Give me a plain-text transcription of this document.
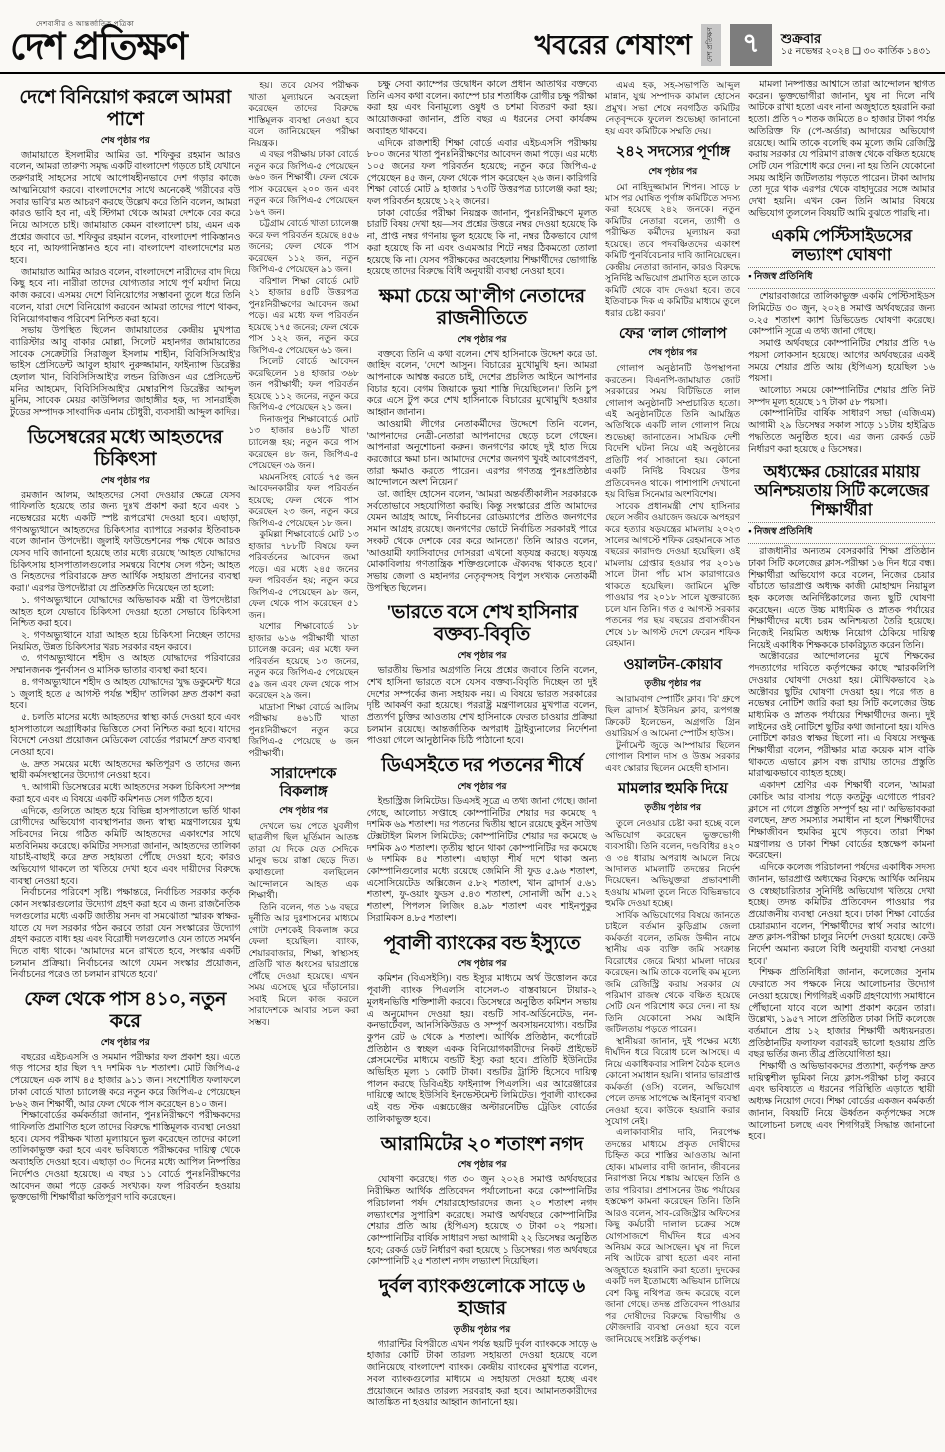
দেশবাসীর ও আন্তর্জাতিক পত্রিকা
দেশ প্রতিক্ষণ	খবরের শেষাংশ	দেশ প্রতিক্ষণ	৭	শুক্রবার
১৫ নভেম্বর ২০২৪ ❑ ৩০ কার্তিক ১৪৩১
দেশে বিনিয়োগ করলে আমরা পাশে
শেষ পৃষ্ঠার পর

জামায়াতে ইসলামীর আমির ডা. শফিকুর রহমান আরও বলেন, আমরা তারুণ্য সমৃদ্ধ একটি বাংলাদেশ গড়তে চাই যেখানে তরুণরাই সাহসের সাথে আপোষহীনভাবে দেশ গড়ার কাজে আত্মনিয়োগ করবে। বাংলাদেশের সাথে অনেকেই 'গরীবের বউ সবার ভাবি'র মত আচরণ করছে উল্লেখ করে তিনি বলেন, আমরা কারও ভাবি হব না, এই স্টিগমা থেকে আমরা দেশকে বের করে নিয়ে আসতে চাই। জামায়াত কেমন বাংলাদেশ চায়, এমন এক প্রশ্নের জবাবে ডা. শফিকুর রহমান বলেন, বাংলাদেশ পাকিস্তানও হবে না, আফগানিস্তানও হবে না। বাংলাদেশ বাংলাদেশের মত হবে।

জামায়াত আমির আরও বলেন, বাংলাদেশে নারীদের বাদ দিয়ে কিছু হবে না। নারীরা তাদের যোগ্যতার সাথে পূর্ণ মর্যাদা নিয়ে কাজ করবে। এসময় দেশে বিনিয়োগের সম্ভাবনা তুলে ধরে তিনি বলেন, যারা দেশে বিনিয়োগ করবেন আমরা তাদের পাশে থাকব, বিনিয়োগবান্ধব পরিবেশ নিশ্চিত করা হবে।

সভায় উপস্থিত ছিলেন জামায়াতের কেন্দ্রীয় মুখপাত্র ব্যারিস্টার আবু বাকার মোল্লা, সিলেট মহানগর জামায়াতের সাবেক সেক্রেটারি সিরাজুল ইসলাম শাহীন, বিবিসিসিআই'র ভাইস প্রেসিডেন্ট আবুল হায়াৎ নুরুজ্জামান, ফাইন্যান্স ডিরেক্টর হেলাল খান, বিবিসিসিআই'র লন্ডন রিজিওন এর প্রেসিডেন্ট মনির আহমেদ, বিবিসিসিআই'র মেম্বারশিপ ডিরেক্টর আব্দুল মুনিম, সাবেক মেয়র কাউন্সিলর জাহাঙ্গীর হক, দ্য সানরাইজ টুডের সম্পাদক সাংবাদিক এনাম চৌধুরী, ব্যবসায়ী আব্দুল কাদির।

ডিসেম্বরের মধ্যে আহতদের চিকিৎসা
শেষ পৃষ্ঠার পর

রমজান আলম, আহতদের সেবা দেওয়ার ক্ষেত্রে যেসব গাফিলতি হয়েছে তার জন্য দুঃখ প্রকাশ করা হবে এবং ১ নভেম্বরের মধ্যে একটি স্পষ্ট রূপরেখা দেওয়া হবে। এছাড়া, গণঅভ্যুত্থানে আহতদের চিকিৎসার ব্যাপারে সরকার ইতিবাচক বলে জানান উপদেষ্টা। জুলাই ফাউন্ডেশনের পক্ষ থেকে আরও যেসব দাবি জানানো হয়েছে তার মধ্যে রয়েছে 'আহত যোদ্ধাদের চিকিৎসায় হাসপাতালগুলোর সমন্বয়ে বিশেষ সেল গঠন; আহত ও নিহতদের পরিবারকে দ্রুত আর্থিক সহায়তা প্রদানের ব্যবস্থা করা।' এরপর উপদেষ্টারা যে প্রতিশ্রুতি দিয়েছেন তা হলো:

১. গণঅভ্যুত্থানে যোদ্ধাদের অভিভাবক মন্ত্রী বা উপদেষ্টারা আহত হলে যেভাবে চিকিৎসা দেওয়া হতো সেভাবে চিকিৎসা নিশ্চিত করা হবে।

২. গণঅভ্যুত্থানে যারা আহত হয়ে চিকিৎসা নিচ্ছেন তাদের নিয়মিত, উন্নত চিকিৎসার খরচ সরকার বহন করবে।

৩. গণঅভ্যুত্থানে শহীদ ও আহত যোদ্ধাদের পরিবারের সম্মানজনক পুনর্বাসন ও মাসিক ভাতার ব্যবস্থা করা হবে।

৪. গণঅভ্যুত্থানে শহীদ ও আহত যোদ্ধাদের 'যুদ্ধ ডকুমেন্ট' ধরে ১ জুলাই হতে ৫ আগস্ট পর্যন্ত 'শহীদ' তালিকা দ্রুত প্রকাশ করা হবে।

৫. চলতি মাসের মধ্যে আহতদের স্বাস্থ্য কার্ড দেওয়া হবে এবং হাসপাতালে অগ্রাধিকার ভিত্তিতে সেবা নিশ্চিত করা হবে। যাদের বিদেশে নেওয়া প্রয়োজন মেডিকেল বোর্ডের পরামর্শে দ্রুত ব্যবস্থা নেওয়া হবে।

৬. দ্রুত সময়ের মধ্যে আহতদের ক্ষতিপূরণ ও তাদের জন্য স্থায়ী কর্মসংস্থানের উদ্যোগ নেওয়া হবে।

৭. আগামী ডিসেম্বরের মধ্যে আহতদের সকল চিকিৎসা সম্পন্ন করা হবে এবং এ বিষয়ে একটি কমিশনড সেল গঠিত হবে।

এদিকে, গুলিতে আহত হয়ে বিভিন্ন হাসপাতালে ভর্তি থাকা রোগীদের অভিযোগ ব্যবস্থাপনার জন্য স্বাস্থ্য মন্ত্রণালয়ের যুগ্ম সচিবদের নিয়ে গঠিত কমিটি আহতদের একাংশের সাথে মতবিনিময় করেছে। কমিটির সদস্যরা জানান, আহতদের তালিকা যাচাই-বাছাই করে দ্রুত সহায়তা পৌঁছে দেওয়া হবে; কারও অভিযোগ থাকলে তা খতিয়ে দেখা হবে এবং দায়ীদের বিরুদ্ধে ব্যবস্থা নেওয়া হবে।

নির্বাচনের পরিবেশ সৃষ্টি। পক্ষান্তরে, নির্বাচিত সরকার কর্তৃক কোন সংস্কারগুলোর উদ্যোগ গ্রহণ করা হবে এ জন্য রাজনৈতিক দলগুলোর মধ্যে একটি জাতীয় সনদ বা সমঝোতা স্মারক স্বাক্ষর-যাতে যে দল সরকার গঠন করবে তারা যেন সংস্কারের উদ্যোগ গ্রহণ করতে বাধ্য হয় এবং বিরোধী দলগুলোও যেন তাতে সমর্থন দিতে বাধ্য থাকে। 'আমাদের মনে রাখতে হবে, সংস্কার একটি চলমান প্রক্রিয়া। নির্বাচনের আগে যেমন সংস্কার প্রয়োজন, নির্বাচনের পরেও তা চলমান রাখতে হবে।'

ফেল থেকে পাস ৪১০, নতুন করে
শেষ পৃষ্ঠার পর

বছরের এইচএসসি ও সমমান পরীক্ষার ফল প্রকাশ হয়। এতে গড় পাসের হার ছিল ৭৭ দশমিক ৭৮ শতাংশ। মোট জিপিএ-৫ পেয়েছেন এক লাখ ৪৫ হাজার ৯১১ জন। সংশোধিত ফলাফলে ঢাকা বোর্ডে খাতা চ্যালেঞ্জ করে নতুন করে জিপিএ-৫ পেয়েছেন ৮৬২ জন শিক্ষার্থী, আর ফেল থেকে পাস করেছেন ৪১০ জন।

শিক্ষাবোর্ডের কর্মকর্তারা জানান, পুনঃনিরীক্ষণে পরীক্ষকদের গাফিলতি প্রমাণিত হলে তাদের বিরুদ্ধে শাস্তিমূলক ব্যবস্থা নেওয়া হবে। যেসব পরীক্ষক খাতা মূল্যায়নে ভুল করেছেন তাদের কালো তালিকাভুক্ত করা হবে এবং ভবিষ্যতে পরীক্ষকের দায়িত্ব থেকে অব্যাহতি দেওয়া হবে। এছাড়া ৩০ দিনের মধ্যে আপিল নিষ্পত্তির নির্দেশও দেওয়া হয়েছে। এ বছর ১১ বোর্ডে পুনঃনিরীক্ষণের আবেদন জমা পড়ে রেকর্ড সংখ্যক। ফল পরিবর্তন হওয়ায় ভুক্তভোগী শিক্ষার্থীরা ক্ষতিপূরণ দাবি করেছেন।

হয়। তবে যেসব পরীক্ষক খাতা মূল্যায়নে অবহেলা করেছেন তাদের বিরুদ্ধে শাস্তিমূলক ব্যবস্থা নেওয়া হবে বলে জানিয়েছেন পরীক্ষা নিয়ন্ত্রক।

এ বছর পরীক্ষায় ঢাকা বোর্ডে নতুন করে জিপিএ-৫ পেয়েছেন ৬৬০ জন শিক্ষার্থী। ফেল থেকে পাস করেছেন ২০০ জন এবং নতুন করে জিপিএ-৫ পেয়েছেন ১৬৭ জন।

চট্টগ্রাম বোর্ডে খাতা চ্যালেঞ্জ করে ফল পরিবর্তন হয়েছে ৪৫৬ জনের; ফেল থেকে পাস করেছেন ১১২ জন, নতুন জিপিএ-৫ পেয়েছেন ৯১ জন।

বরিশাল শিক্ষা বোর্ডে মোট ২১ হাজার ৪৫টি উত্তরপত্র পুনঃনিরীক্ষণের আবেদন জমা পড়ে। এর মধ্যে ফল পরিবর্তন হয়েছে ১৭৫ জনের; ফেল থেকে পাস ১২২ জন, নতুন করে জিপিএ-৫ পেয়েছেন ৬১ জন।

সিলেট বোর্ডে আবেদন করেছিলেন ১৪ হাজার ৩৬৮ জন পরীক্ষার্থী; ফল পরিবর্তন হয়েছে ১১২ জনের, নতুন করে জিপিএ-৫ পেয়েছেন ২১ জন।

দিনাজপুর শিক্ষাবোর্ডে মোট ১৩ হাজার ৪৬১টি খাতা চ্যালেঞ্জ হয়; নতুন করে পাস করেছেন ৪৮ জন, জিপিএ-৫ পেয়েছেন ৩৯ জন।

ময়মনসিংহ বোর্ডে ৭৫ জন আবেদনকারীর ফল পরিবর্তন হয়েছে; ফেল থেকে পাস করেছেন ২৩ জন, নতুন করে জিপিএ-৫ পেয়েছেন ১৮ জন।

কুমিল্লা শিক্ষাবোর্ডে মোট ১৩ হাজার ৭৮৮টি বিষয়ে ফল পরিবর্তনের আবেদন জমা পড়ে। এর মধ্যে ২৪৫ জনের ফল পরিবর্তন হয়; নতুন করে জিপিএ-৫ পেয়েছেন ৯৮ জন, ফেল থেকে পাস করেছেন ৫১ জন।

যশোর শিক্ষাবোর্ডে ১৮ হাজার ৬১৬ পরীক্ষার্থী খাতা চ্যালেঞ্জ করেন; এর মধ্যে ফল পরিবর্তন হয়েছে ১৩ জনের, নতুন করে জিপিএ-৫ পেয়েছেন ৫৯ জন এবং ফেল থেকে পাস করেছেন ২৯ জন।

মাদ্রাসা শিক্ষা বোর্ডে আলিম পরীক্ষায় ৪৬১টি খাতা পুনঃনিরীক্ষণে নতুন করে জিপিএ-৫ পেয়েছে ৬ জন পরীক্ষার্থী।

সারাদেশকে বিকলাঙ্গ
শেষ পৃষ্ঠার পর

দেখলে ভয় পেতে যুবলীগ ছাত্রলীগ ছিল মূর্তিমান আতঙ্ক তারা যে দিকে যেত সেদিকে মানুষ ভয়ে রাস্তা ছেড়ে দিত। কথাগুলো বলছিলেন আন্দোলনে আহত এক শিক্ষার্থী।

তিনি বলেন, গত ১৬ বছরে দুর্নীতি আর দুঃশাসনের মাধ্যমে গোটা দেশকেই বিকলাঙ্গ করে ফেলা হয়েছিল। ব্যাংক, শেয়ারবাজার, শিক্ষা, স্বাস্থ্যসহ প্রতিটি খাত ধ্বংসের দ্বারপ্রান্তে পৌঁছে দেওয়া হয়েছে। এখন সময় এসেছে ঘুরে দাঁড়ানোর। সবাই মিলে কাজ করলে সারাদেশকে আবার সচল করা সম্ভব।

চক্ষু সেবা ক্যাম্পের উদ্বোধন কালে প্রধান অতিথির বক্তব্যে তিনি এসব কথা বলেন। ক্যাম্পে চার শতাধিক রোগীর চক্ষু পরীক্ষা করা হয় এবং বিনামূল্যে ওষুধ ও চশমা বিতরণ করা হয়। আয়োজকরা জানান, প্রতি বছর এ ধরনের সেবা কার্যক্রম অব্যাহত থাকবে।

এদিকে রাজশাহী শিক্ষা বোর্ডে এবার এইচএসসি পরীক্ষায় ৮০০ জনের খাতা পুনঃনিরীক্ষণের আবেদন জমা পড়ে। এর মধ্যে ১০৫ জনের ফল পরিবর্তন হয়েছে; নতুন করে জিপিএ-৫ পেয়েছেন ৪৫ জন, ফেল থেকে পাস করেছেন ২৬ জন। কারিগরি শিক্ষা বোর্ডে মোট ৯ হাজার ১৭৩টি উত্তরপত্র চ্যালেঞ্জ করা হয়; ফল পরিবর্তন হয়েছে ১২২ জনের।

ঢাকা বোর্ডের পরীক্ষা নিয়ন্ত্রক জানান, পুনঃনিরীক্ষণে মূলত চারটি বিষয় দেখা হয়—সব প্রশ্নের উত্তরে নম্বর দেওয়া হয়েছে কি না, প্রাপ্ত নম্বর গণনায় ভুল হয়েছে কি না, নম্বর ঠিকভাবে যোগ করা হয়েছে কি না এবং ওএমআর শিটে নম্বর ঠিকমতো তোলা হয়েছে কি না। যেসব পরীক্ষকের অবহেলায় শিক্ষার্থীদের ভোগান্তি হয়েছে তাদের বিরুদ্ধে বিধি অনুযায়ী ব্যবস্থা নেওয়া হবে।

ক্ষমা চেয়ে আ'লীগ নেতাদের রাজনীতিতে
শেষ পৃষ্ঠার পর

বক্তব্যে তিনি এ কথা বলেন। শেখ হাসিনাকে উদ্দেশ করে ডা. জাহিদ বলেন, 'দেশে আসুন। বিচারের মুখোমুখি হন। আমরা আপনাকে আশ্বস্ত করতে চাই, দেশের প্রচলিত আইনে আপনার বিচার হবে। বেগম জিয়াকে ভুয়া শাস্তি দিয়েছিলেন।' তিনি চুপ করে এসে টুপ করে শেখ হাসিনাকে বিচারের মুখোমুখি হওয়ার আহ্বান জানান।

আওয়ামী লীগের নেতাকর্মীদের উদ্দেশে তিনি বলেন, 'আপনাদের নেত্রী-নেতারা আপনাদের ছেড়ে চলে গেছেন। আপনারা অনুশোচনা করুন। জনগণের কাছে দুই হাত দিয়ে করজোরে ক্ষমা চান। আমাদের দেশের জনগণ খুবই আবেগপ্রবণ, তারা ক্ষমাও করতে পারেন। এরপর গণতন্ত্র পুনঃপ্রতিষ্ঠার আন্দোলনে অংশ নিয়েন।'

ডা. জাহিদ হোসেন বলেন, 'আমরা অন্তর্বর্তীকালীন সরকারকে সর্বতোভাবে সহযোগিতা করছি। কিন্তু সংস্কারের প্রতি আমাদের যেমন আগ্রহ আছে, নির্বাচনের রোডম্যাপের প্রতিও জনগণের সমান আগ্রহ রয়েছে। জনগণের ভোটে নির্বাচিত সরকারই পারে সংকট থেকে দেশকে বের করে আনতে।' তিনি আরও বলেন, 'আওয়ামী ফ্যাসিবাদের দোসররা এখনো ষড়যন্ত্র করছে। ষড়যন্ত্র মোকাবিলায় গণতান্ত্রিক শক্তিগুলোকে ঐক্যবদ্ধ থাকতে হবে।' সভায় জেলা ও মহানগর নেতৃবৃন্দসহ বিপুল সংখ্যক নেতাকর্মী উপস্থিত ছিলেন।

'ভারতে বসে শেখ হাসিনার বক্তব্য-বিবৃতি
শেষ পৃষ্ঠার পর

ভারতীয় ভিসার অগ্রগতি নিয়ে প্রশ্নের জবাবে তিনি বলেন, শেখ হাসিনা ভারতে বসে যেসব বক্তব্য-বিবৃতি দিচ্ছেন তা দুই দেশের সম্পর্কের জন্য সহায়ক নয়। এ বিষয়ে ভারত সরকারের দৃষ্টি আকর্ষণ করা হয়েছে। পররাষ্ট্র মন্ত্রণালয়ের মুখপাত্র বলেন, প্রত্যর্পণ চুক্তির আওতায় শেখ হাসিনাকে ফেরত চাওয়ার প্রক্রিয়া চলমান রয়েছে। আন্তর্জাতিক অপরাধ ট্রাইব্যুনালের নির্দেশনা পাওয়া গেলে আনুষ্ঠানিক চিঠি পাঠানো হবে।

ডিএসইতে দর পতনের শীর্ষে
শেষ পৃষ্ঠার পর

ইন্ডাস্ট্রিজ লিমিটেড। ডিএসই সূত্রে এ তথ্য জানা গেছে। জানা গেছে, আলোচ্য সপ্তাহে কোম্পানিটির শেয়ার দর কমেছে ৭ দশমিক ৬৯ শতাংশ। দর পতনের দ্বিতীয় স্থানে রয়েছে কুইন সাউথ টেক্সটাইল মিলস লিমিটেড; কোম্পানিটির শেয়ার দর কমেছে ৬ দশমিক ৯৩ শতাংশ। তৃতীয় স্থানে থাকা কোম্পানিটির দর কমেছে ৬ দশমিক ৪৫ শতাংশ। এছাড়া শীর্ষ দশে থাকা অন্য কোম্পানিগুলোর মধ্যে রয়েছে জেমিনি সী ফুড ৫.৯৬ শতাংশ, এসোসিয়েটেড অক্সিজেন ৫.৮২ শতাংশ, খান ব্রাদার্স ৫.৬১ শতাংশ, ফু-ওয়াং ফুডস ৫.৪৩ শতাংশ, সোনালী আঁশ ৫.১২ শতাংশ, পিপলস লিজিং ৪.৯৮ শতাংশ এবং শাইনপুকুর সিরামিকস ৪.৮৫ শতাংশ।

পূবালী ব্যাংকের বন্ড ইস্যুতে
শেষ পৃষ্ঠার পর

কমিশন (বিএসইসি)। বন্ড ইস্যুর মাধ্যমে অর্থ উত্তোলন করে পূবালী ব্যাংক পিএলসি বাসেল-৩ বাস্তবায়নে টায়ার-২ মূলধনভিত্তি শক্তিশালী করবে। ডিসেম্বরে অনুষ্ঠিত কমিশন সভায় এ অনুমোদন দেওয়া হয়। বন্ডটি সাব-অর্ডিনেটেড, নন-কনভার্টেবল, আনসিকিউরড ও সম্পূর্ণ অবসায়নযোগ্য। বন্ডটির কুপন রেট ৬ থেকে ৯ শতাংশ। আর্থিক প্রতিষ্ঠান, কর্পোরেট প্রতিষ্ঠান ও স্বচ্ছল একক বিনিয়োগকারীদের নিকট প্রাইভেট প্লেসমেন্টের মাধ্যমে বন্ডটি ইস্যু করা হবে। প্রতিটি ইউনিটের অভিহিত মূল্য ১ কোটি টাকা। বন্ডটির ট্রাস্টি হিসেবে দায়িত্ব পালন করছে ডিবিএইচ ফাইন্যান্স পিএলসি। এর আরেঞ্জারের দায়িত্বে আছে ইউসিবি ইনভেস্টমেন্ট লিমিটেড। পূবালী ব্যাংকের এই বন্ড স্টক এক্সচেঞ্জের অল্টারনেটিভ ট্রেডিং বোর্ডের তালিকাভুক্ত হবে।

আরামিটের ২০ শতাংশ নগদ
শেষ পৃষ্ঠার পর

ঘোষণা করেছে। গত ৩০ জুন ২০২৪ সমাপ্ত অর্থবছরের নিরীক্ষিত আর্থিক প্রতিবেদন পর্যালোচনা করে কোম্পানিটির পরিচালনা পর্ষদ শেয়ারহোল্ডারদের জন্য ২০ শতাংশ নগদ লভ্যাংশের সুপারিশ করেছে। সমাপ্ত অর্থবছরে কোম্পানিটির শেয়ার প্রতি আয় (ইপিএস) হয়েছে ৩ টাকা ০২ পয়সা। কোম্পানিটির বার্ষিক সাধারণ সভা আগামী ২২ ডিসেম্বর অনুষ্ঠিত হবে; রেকর্ড ডেট নির্ধারণ করা হয়েছে ১ ডিসেম্বর। গত অর্থবছরে কোম্পানিটি ২৫ শতাংশ নগদ লভ্যাংশ দিয়েছিল।

দুর্বল ব্যাংকগুলোকে সাড়ে ৬ হাজার
তৃতীয় পৃষ্ঠার পর

গ্যারান্টির বিপরীতে এখন পর্যন্ত ছয়টি দুর্বল ব্যাংককে সাড়ে ৬ হাজার কোটি টাকা তারল্য সহায়তা দেওয়া হয়েছে বলে জানিয়েছে বাংলাদেশ ব্যাংক। কেন্দ্রীয় ব্যাংকের মুখপাত্র বলেন, সবল ব্যাংকগুলোর মাধ্যমে এ সহায়তা দেওয়া হচ্ছে এবং প্রয়োজনে আরও তারল্য সরবরাহ করা হবে। আমানতকারীদের আতঙ্কিত না হওয়ার আহ্বান জানানো হয়।

এমএ হক, সহ-সভাপতি আব্দুল মান্নান, যুগ্ম সম্পাদক কামাল হোসেন প্রমুখ। সভা শেষে নবগঠিত কমিটির নেতৃবৃন্দকে ফুলেল শুভেচ্ছা জানানো হয় এবং কমিটিকে সম্মতি দেয়।

২৪২ সদস্যের পূর্ণাঙ্গ
শেষ পৃষ্ঠার পর

মো নাহিদুজ্জামান শিপন। সাড়ে ৮ মাস পর ঘোষিত পূর্ণাঙ্গ কমিটিতে সদস্য করা হয়েছে ২৪২ জনকে। নতুন কমিটির নেতারা বলেন, ত্যাগী ও পরীক্ষিত কর্মীদের মূল্যায়ন করা হয়েছে। তবে পদবঞ্চিতদের একাংশ কমিটি পুনর্বিবেচনার দাবি জানিয়েছেন। কেন্দ্রীয় নেতারা জানান, কারও বিরুদ্ধে সুনির্দিষ্ট অভিযোগ প্রমাণিত হলে তাকে কমিটি থেকে বাদ দেওয়া হবে। তবে ইতিবাচক দিক এ কমিটির মাধ্যমে তুলে ধরার চেষ্টা করব।'

ফের 'লাল গোলাপ
শেষ পৃষ্ঠার পর

গোলাপ অনুষ্ঠানটি উপস্থাপনা করতেন। বিএনপি-জামায়াত জোট সরকারের সময় বিটিভিতে লাল গোলাপ অনুষ্ঠানটি সম্প্রচারিত হতো। এই অনুষ্ঠানটিতে তিনি আমন্ত্রিত অতিথিকে একটি লাল গোলাপ নিয়ে শুভেচ্ছা জানাতেন। সাময়িক দেশী বিদেশি ঘটনা নিয়ে এই অনুষ্ঠানের প্রতিটি পর্ব সাজানো হয়। কোনো একটি নির্দিষ্ট বিষয়ের উপর প্রতিবেদনও থাকে। পাশাপাশি দেখানো হয় বিভিন্ন সিনেমার অংশবিশেষ।

সাবেক প্রধানমন্ত্রী শেখ হাসিনার ছেলে সজীব ওয়াজেদ জয়কে অপহরণ করে হত্যার ষড়যন্ত্রের মামলায় ২০২৩ সালের আগস্টে শফিক রেহমানকে সাত বছরের কারাদণ্ড দেওয়া হয়েছিল। ওই মামলায় গ্রেপ্তার হওয়ার পর ২০১৬ সালে টানা পাঁচ মাস কারাগারেও থাকতে হয়েছিল। জামিনে মুক্তি পাওয়ার পর ২০১৮ সালে যুক্তরাজ্যে চলে যান তিনি। গত ৫ আগস্ট সরকার পতনের পর ছয় বছরের প্রবাসজীবন শেষে ১৮ আগস্ট দেশে ফেরেন শফিক রেহমান।

ওয়ালটন-কোয়াব
তৃতীয় পৃষ্ঠার পর

আরামবাগ স্পোর্টিং ক্লাব। 'বি' গ্রুপে ছিল ব্রাদার্স ইউনিয়ন ক্লাব, রূপগঞ্জ ক্রিকেট ইলেভেন, অগ্রগতি গ্রিন ওয়ারিয়র্স ও আমেনা স্পোর্টস হাউস।

টুর্নামেন্ট জুড়ে আম্পায়ার ছিলেন গোপাল বিশাল দাস ও উত্তম সরকার এবং স্কোরার ছিলেন মেহেদী হাসান।

মামলার হুমকি দিয়ে
তৃতীয় পৃষ্ঠার পর

তুলে নেওয়ার চেষ্টা করা হচ্ছে বলে অভিযোগ করেছেন ভুক্তভোগী ব্যবসায়ী। তিনি বলেন, দণ্ডবিধির ৪২০ ও ৩৪ ধারায় অপরাধ আমলে নিয়ে আদালত মামলাটি তদন্তের নির্দেশ দিয়েছেন। অভিযুক্তরা প্রভাবশালী হওয়ায় মামলা তুলে নিতে বিভিন্নভাবে হুমকি দেওয়া হচ্ছে।

সার্বিক অভিযোগের বিষয়ে জানতে চাইলে বর্তমান কুড়িগ্রাম জেলা কর্মকর্তা বলেন, তমিজ উদ্দীন নামে স্থানীয় এক ব্যক্তি জমি সংক্রান্ত বিরোধের জেরে মিথ্যা মামলা দায়ের করেছেন। আমি তাকে বলেছি কম মূল্যে জমি রেজিস্ট্রি করায় সরকার যে পরিমাণ রাজস্ব থেকে বঞ্চিত হয়েছে সেটি যেন পরিশোধ করে দেন। না হয় তিনি যেকোনো সময় আইনি জটিলতায় পড়তে পারেন।

স্থানীয়রা জানান, দুই পক্ষের মধ্যে দীর্ঘদিন ধরে বিরোধ চলে আসছে। এ নিয়ে একাধিকবার সালিশ বৈঠক হলেও কোনো সমাধান হয়নি। থানার ভারপ্রাপ্ত কর্মকর্তা (ওসি) বলেন, অভিযোগ পেলে তদন্ত সাপেক্ষে আইনানুগ ব্যবস্থা নেওয়া হবে। কাউকে হয়রানি করার সুযোগ নেই।

এলাকাবাসীর দাবি, নিরপেক্ষ তদন্তের মাধ্যমে প্রকৃত দোষীদের চিহ্নিত করে শাস্তির আওতায় আনা হোক। মামলার বাদী জানান, জীবনের নিরাপত্তা নিয়ে শঙ্কায় আছেন তিনি ও তার পরিবার। প্রশাসনের উচ্চ পর্যায়ের হস্তক্ষেপ কামনা করেছেন তিনি। তিনি আরও বলেন, সাব-রেজিস্ট্রার অফিসের কিছু কর্মচারী দালাল চক্রের সঙ্গে যোগসাজশে দীর্ঘদিন ধরে এসব অনিয়ম করে আসছেন। ঘুষ না দিলে নথি আটকে রাখা হতো এবং নানা অজুহাতে হয়রানি করা হতো। দুদকের একটি দল ইতোমধ্যে অভিযান চালিয়ে বেশ কিছু নথিপত্র জব্দ করেছে বলে জানা গেছে। তদন্ত প্রতিবেদন পাওয়ার পর দোষীদের বিরুদ্ধে বিভাগীয় ও ফৌজদারি ব্যবস্থা নেওয়া হবে বলে জানিয়েছে সংশ্লিষ্ট কর্তৃপক্ষ।

মামলা নিষ্পত্তির আশ্বাসে তারা আন্দোলন স্থগিত করেন। ভুক্তভোগীরা জানান, ঘুষ না দিলে নথি আটকে রাখা হতো এবং নানা অজুহাতে হয়রানি করা হতো। প্রতি ৭০ শতক জমিতে ৪০ হাজার টাকা পর্যন্ত অতিরিক্ত ফি (পে-অর্ডার) আদায়ের অভিযোগ রয়েছে। আমি তাকে বলেছি কম মূল্যে জমি রেজিস্ট্রি করায় সরকার যে পরিমাণ রাজস্ব থেকে বঞ্চিত হয়েছে সেটি যেন পরিশোধ করে দেন। না হয় তিনি যেকোনো সময় আইনি জটিলতায় পড়তে পারেন। টাকা আদায় তো দূরে থাক এরপর থেকে বাহাদুরের সঙ্গে আমার দেখা হয়নি। এখন কেন তিনি আমার বিষয়ে অভিযোগ তুললেন বিষয়টি আমি বুঝতে পারছি না।

একমি পেস্টিসাইডসের লভ্যাংশ ঘোষণা
▪ নিজস্ব প্রতিনিধি

শেয়ারবাজারে তালিকাভুক্ত একমি পেস্টিসাইডস লিমিটেড ৩০ জুন, ২০২৪ সমাপ্ত অর্থবছরের জন্য ০.২৫ শতাংশ ক্যাশ ডিভিডেন্ড ঘোষণা করেছে। কোম্পানি সূত্রে এ তথ্য জানা গেছে।

সমাপ্ত অর্থবছরে কোম্পানিটির শেয়ার প্রতি ৭৬ পয়সা লোকসান হয়েছে। আগের অর্থবছরের একই সময়ে শেয়ার প্রতি আয় (ইপিএস) হয়েছিল ১৬ পয়সা।

আলোচ্য সময়ে কোম্পানিটির শেয়ার প্রতি নিট সম্পদ মূল্য হয়েছে ১৭ টাকা ৫৮ পয়সা।

কোম্পানিটির বার্ষিক সাধারণ সভা (এজিএম) আগামী ২৯ ডিসেম্বর সকাল সাড়ে ১১টায় হাইব্রিড পদ্ধতিতে অনুষ্ঠিত হবে। এর জন্য রেকর্ড ডেট নির্ধারণ করা হয়েছে ৫ ডিসেম্বর।

অধ্যক্ষের চেয়ারের মায়ায় অনিশ্চয়তায় সিটি কলেজের শিক্ষার্থীরা
▪ নিজস্ব প্রতিনিধি

রাজধানীর অন্যতম বেসরকারি শিক্ষা প্রতিষ্ঠান ঢাকা সিটি কলেজের ক্লাস-পরীক্ষা ১৬ দিন ধরে বন্ধ। শিক্ষার্থীরা অভিযোগ করে বলেন, নিজের চেয়ার বাঁচাতে ভারপ্রাপ্ত অধ্যক্ষ কাজী মোহাম্মদ নিয়ামুল হক কলেজ অনির্দিষ্টকালের জন্য ছুটি ঘোষণা করেছেন। এতে উচ্চ মাধ্যমিক ও স্নাতক পর্যায়ের শিক্ষার্থীদের মধ্যে চরম অনিশ্চয়তা তৈরি হয়েছে। নিজেই নিয়মিত অধ্যক্ষ নিয়োগ ঠেকিয়ে দায়িত্ব নিয়েই একাধিক শিক্ষককে চাকরিচ্যুত করেন তিনি।

অক্টোবরের আন্দোলনের মুখে শিক্ষকের পদত্যাগের দাবিতে কর্তৃপক্ষের কাছে স্মারকলিপি দেওয়ার ঘোষণা দেওয়া হয়। মৌখিকভাবে ২৯ অক্টোবর ছুটির ঘোষণা দেওয়া হয়। পরে গত ৪ নভেম্বর নোটিশ জারি করা হয় সিটি কলেজের উচ্চ মাধ্যমিক ও স্নাতক পর্যায়ের শিক্ষার্থীদের জন্য। দুই লাইনের ওই নোটিশে ছুটির কথা জানানো হয়। যদিও নোটিশে কারও স্বাক্ষর ছিলো না। এ বিষয়ে সংক্ষুব্ধ শিক্ষার্থীরা বলেন, পরীক্ষার মাত্র কয়েক মাস বাকি থাকতে এভাবে ক্লাস বন্ধ রাখায় তাদের প্রস্তুতি মারাত্মকভাবে ব্যাহত হচ্ছে।

একাদশ শ্রেণির এক শিক্ষার্থী বলেন, 'আমরা কোচিং আর বাসায় পড়ে কতটুকু এগোতে পারব? ক্লাসে না গেলে প্রস্তুতি সম্পূর্ণ হয় না।' অভিভাবকরা বলছেন, দ্রুত সমস্যার সমাধান না হলে শিক্ষার্থীদের শিক্ষাজীবন হুমকির মুখে পড়বে। তারা শিক্ষা মন্ত্রণালয় ও ঢাকা শিক্ষা বোর্ডের হস্তক্ষেপ কামনা করেছেন।

এদিকে কলেজ পরিচালনা পর্ষদের একাধিক সদস্য জানান, ভারপ্রাপ্ত অধ্যক্ষের বিরুদ্ধে আর্থিক অনিয়ম ও স্বেচ্ছাচারিতার সুনির্দিষ্ট অভিযোগ খতিয়ে দেখা হচ্ছে। তদন্ত কমিটির প্রতিবেদন পাওয়ার পর প্রয়োজনীয় ব্যবস্থা নেওয়া হবে। ঢাকা শিক্ষা বোর্ডের চেয়ারম্যান বলেন, 'শিক্ষার্থীদের স্বার্থ সবার আগে। দ্রুত ক্লাস-পরীক্ষা চালুর নির্দেশ দেওয়া হয়েছে। কেউ নির্দেশ অমান্য করলে বিধি অনুযায়ী ব্যবস্থা নেওয়া হবে।'

শিক্ষক প্রতিনিধিরা জানান, কলেজের সুনাম ফেরাতে সব পক্ষকে নিয়ে আলোচনার উদ্যোগ নেওয়া হয়েছে। শিগগিরই একটি গ্রহণযোগ্য সমাধানে পৌঁছানো যাবে বলে আশা প্রকাশ করেন তারা। উল্লেখ্য, ১৯৫৭ সালে প্রতিষ্ঠিত ঢাকা সিটি কলেজে বর্তমানে প্রায় ১২ হাজার শিক্ষার্থী অধ্যয়নরত। প্রতিষ্ঠানটির ফলাফল বরাবরই ভালো হওয়ায় প্রতি বছর ভর্তির জন্য তীব্র প্রতিযোগিতা হয়।

শিক্ষার্থী ও অভিভাবকদের প্রত্যাশা, কর্তৃপক্ষ দ্রুত দায়িত্বশীল ভূমিকা নিয়ে ক্লাস-পরীক্ষা চালু করবে এবং ভবিষ্যতে এ ধরনের পরিস্থিতি এড়াতে স্থায়ী অধ্যক্ষ নিয়োগ দেবে। শিক্ষা বোর্ডের একজন কর্মকর্তা জানান, বিষয়টি নিয়ে ঊর্ধ্বতন কর্তৃপক্ষের সঙ্গে আলোচনা চলছে এবং শিগগিরই সিদ্ধান্ত জানানো হবে।
